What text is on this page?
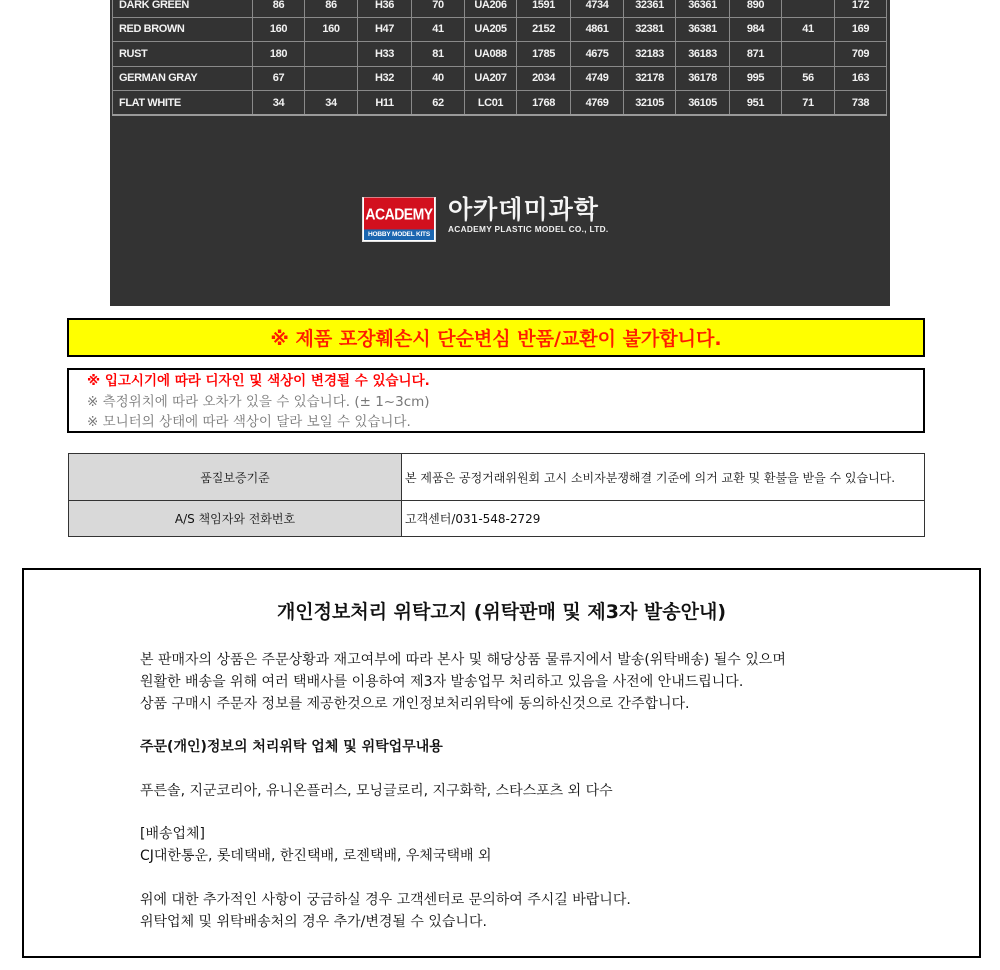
DARK GREEN	86	86	H36	70	UA206	1591	4734	32361	36361	890		172
RED BROWN	160	160	H47	41	UA205	2152	4861	32381	36381	984	41	169
RUST	180		H33	81	UA088	1785	4675	32183	36183	871		709
GERMAN GRAY	67		H32	40	UA207	2034	4749	32178	36178	995	56	163
FLAT WHITE	34	34	H11	62	LC01	1768	4769	32105	36105	951	71	738
ACADEMY
HOBBY MODEL KITS
아카데미과학
ACADEMY PLASTIC MODEL CO., LTD.
※ 제품 포장훼손시 단순변심 반품/교환이 불가합니다.
※ 입고시기에 따라 디자인 및 색상이 변경될 수 있습니다.
※ 측정위치에 따라 오차가 있을 수 있습니다. (± 1~3cm)
※ 모니터의 상태에 따라 색상이 달라 보일 수 있습니다.
품질보증기준	본 제품은 공정거래위원회 고시 소비자분쟁해결 기준에 의거 교환 및 환불을 받을 수 있습니다.
A/S 책임자와 전화번호	고객센터/031-548-2729
개인정보처리 위탁고지 (위탁판매 및 제3자 발송안내)
본 판매자의 상품은 주문상황과 재고여부에 따라 본사 및 해당상품 물류지에서 발송(위탁배송) 될수 있으며
원활한 배송을 위해 여러 택배사를 이용하여 제3자 발송업무 처리하고 있음을 사전에 안내드립니다.
상품 구매시 주문자 정보를 제공한것으로 개인정보처리위탁에 동의하신것으로 간주합니다.
주문(개인)정보의 처리위탁 업체 및 위탁업무내용
푸른솔, 지군코리아, 유니온플러스, 모닝글로리, 지구화학, 스타스포츠 외 다수
[배송업체]
CJ대한통운, 롯데택배, 한진택배, 로젠택배, 우체국택배 외
위에 대한 추가적인 사항이 궁금하실 경우 고객센터로 문의하여 주시길 바랍니다.
위탁업체 및 위탁배송처의 경우 추가/변경될 수 있습니다.
